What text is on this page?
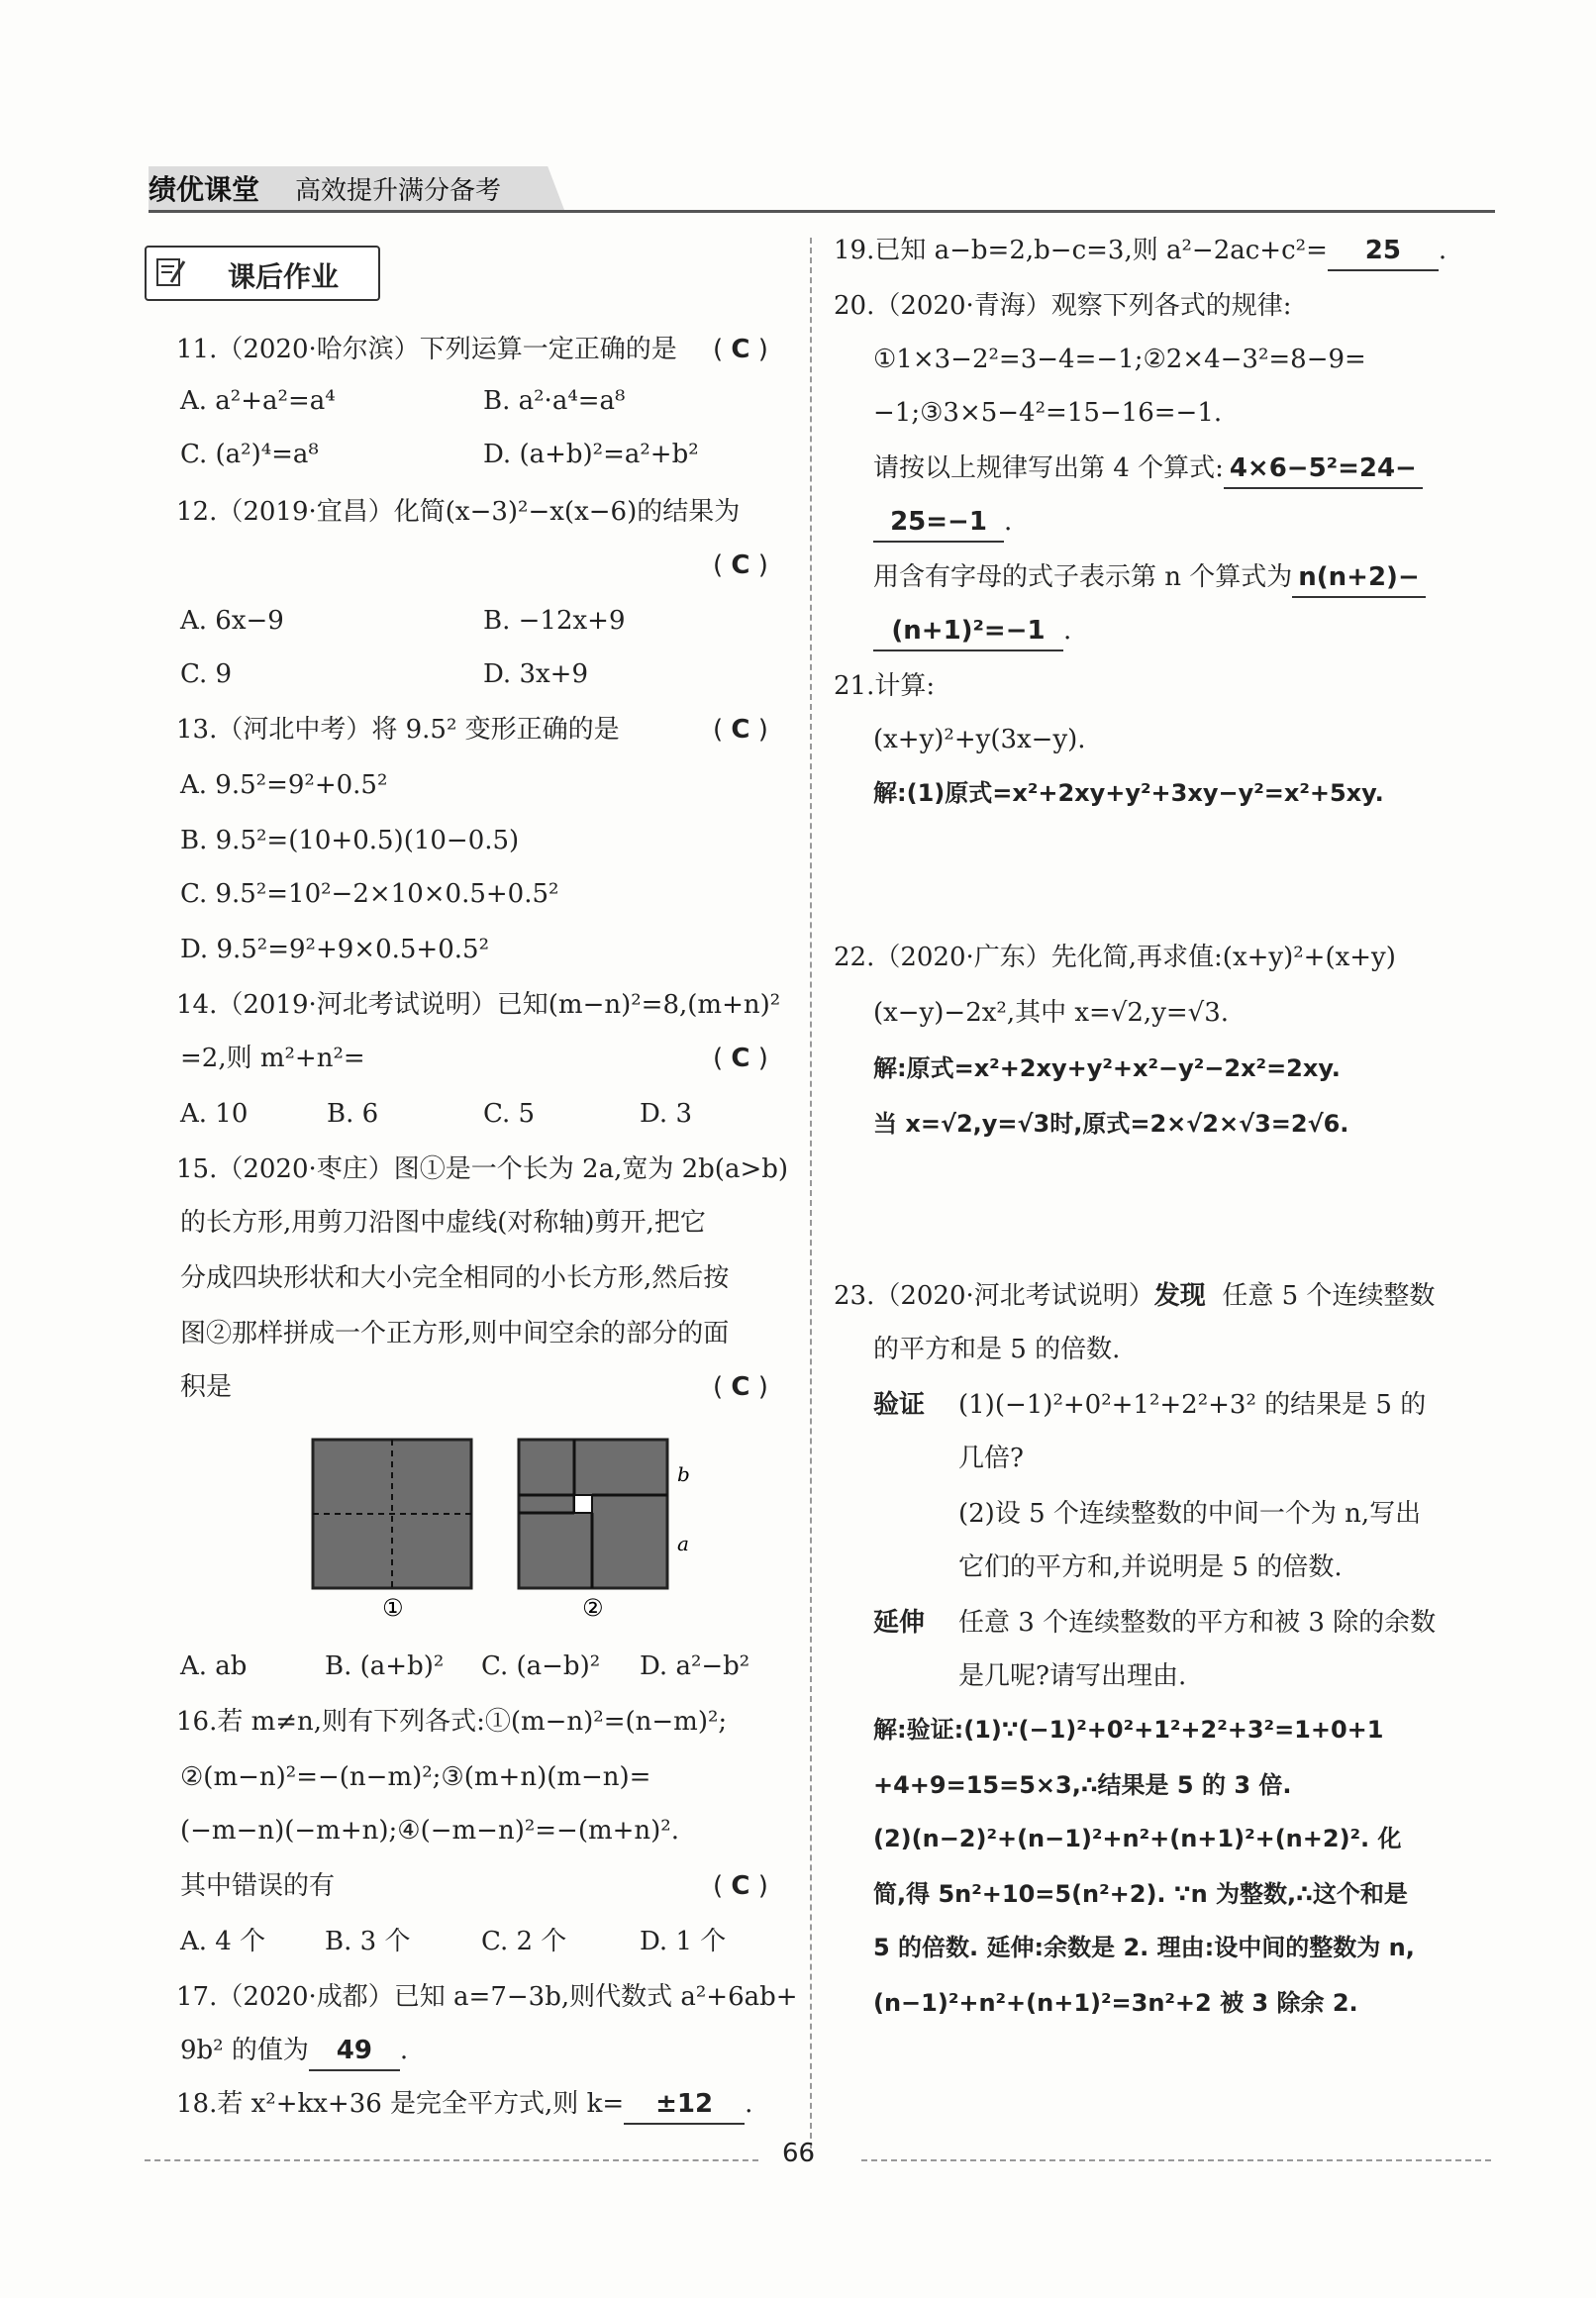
绩优课堂 高效提升满分备考
课后作业
11.（2020·哈尔滨）下列运算一定正确的是 ( C )
A. a²+a²=a⁴	B. a²·a⁴=a⁸
C. (a²)⁴=a⁸	D. (a+b)²=a²+b²
12.（2019·宜昌）化简(x−3)²−x(x−6)的结果为
( C )
A. 6x−9	B. −12x+9
C. 9	D. 3x+9
13.（河北中考）将 9.5² 变形正确的是	( C )
A. 9.5²=9²+0.5²
B. 9.5²=(10+0.5)(10−0.5)
C. 9.5²=10²−2×10×0.5+0.5²
D. 9.5²=9²+9×0.5+0.5²
14.（2019·河北考试说明）已知(m−n)²=8,(m+n)²
=2,则 m²+n²=	( C )
A. 10	B. 6	C. 5	D. 3
15.（2020·枣庄）图①是一个长为 2a,宽为 2b(a>b)
的长方形,用剪刀沿图中虚线(对称轴)剪开,把它
分成四块形状和大小完全相同的小长方形,然后按
图②那样拼成一个正方形,则中间空余的部分的面
积是	( C )
b
a
①	②
A. ab	B. (a+b)² C. (a−b)² D. a²−b²
16.若 m≠n,则有下列各式:①(m−n)²=(n−m)²;
②(m−n)²=−(n−m)²;③(m+n)(m−n)=
(−m−n)(−m+n);④(−m−n)²=−(m+n)².
其中错误的有	( C )
A. 4 个 B. 3 个	C. 2 个	D. 1 个
17.（2020·成都）已知 a=7−3b,则代数式 a²+6ab+
9b² 的值为 49 .
18.若 x²+kx+36 是完全平方式,则 k= ±12 .
19.已知 a−b=2,b−c=3,则 a²−2ac+c²= 25 .
20.（2020·青海）观察下列各式的规律:
①1×3−2²=3−4=−1;②2×4−3²=8−9=
−1;③3×5−4²=15−16=−1.
请按以上规律写出第 4 个算式: 4×6−5²=24−
25=−1 .
用含有字母的式子表示第 n 个算式为 n(n+2)−
(n+1)²=−1 .
21.计算:
(x+y)²+y(3x−y).
解:(1)原式=x²+2xy+y²+3xy−y²=x²+5xy.
22.（2020·广东）先化简,再求值:(x+y)²+(x+y)
(x−y)−2x²,其中 x=√2,y=√3.
解:原式=x²+2xy+y²+x²−y²−2x²=2xy.
当 x=√2,y=√3时,原式=2×√2×√3=2√6.
23.（2020·河北考试说明）发现 任意 5 个连续整数
的平方和是 5 的倍数.
验证 (1)(−1)²+0²+1²+2²+3² 的结果是 5 的
几倍?
(2)设 5 个连续整数的中间一个为 n,写出
它们的平方和,并说明是 5 的倍数.
延伸 任意 3 个连续整数的平方和被 3 除的余数
是几呢?请写出理由.
解:验证:(1)∵(−1)²+0²+1²+2²+3²=1+0+1
+4+9=15=5×3,∴结果是 5 的 3 倍.
(2)(n−2)²+(n−1)²+n²+(n+1)²+(n+2)². 化
简,得 5n²+10=5(n²+2). ∵n 为整数,∴这个和是
5 的倍数. 延伸:余数是 2. 理由:设中间的整数为 n,
(n−1)²+n²+(n+1)²=3n²+2 被 3 除余 2.
66
